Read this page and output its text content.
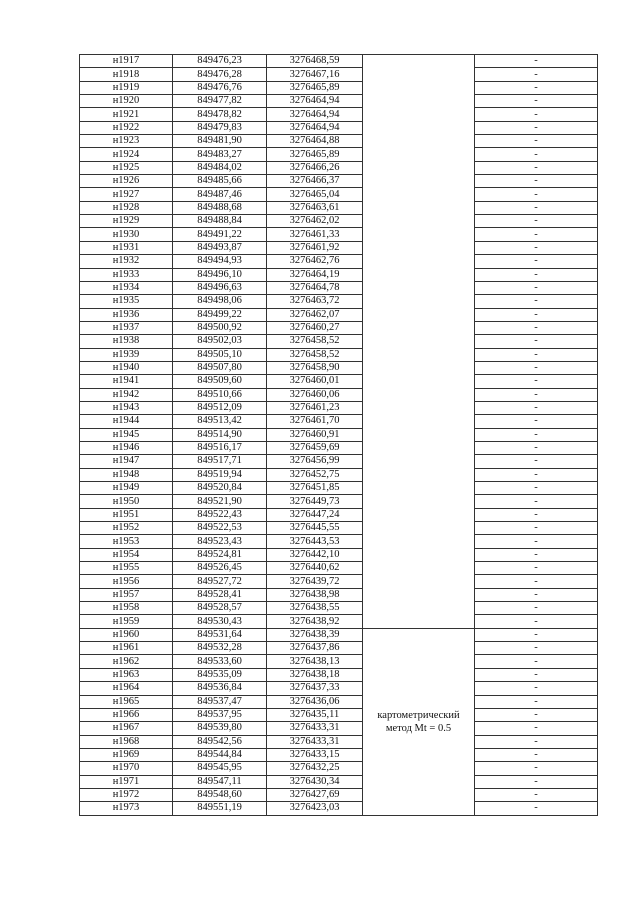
н1917	849476,23	3276468,59		-
н1918	849476,28	3276467,16		-
н1919	849476,76	3276465,89		-
н1920	849477,82	3276464,94		-
н1921	849478,82	3276464,94		-
н1922	849479,83	3276464,94		-
н1923	849481,90	3276464,88		-
н1924	849483,27	3276465,89		-
н1925	849484,02	3276466,26		-
н1926	849485,66	3276466,37		-
н1927	849487,46	3276465,04		-
н1928	849488,68	3276463,61		-
н1929	849488,84	3276462,02		-
н1930	849491,22	3276461,33		-
н1931	849493,87	3276461,92		-
н1932	849494,93	3276462,76		-
н1933	849496,10	3276464,19		-
н1934	849496,63	3276464,78		-
н1935	849498,06	3276463,72		-
н1936	849499,22	3276462,07		-
н1937	849500,92	3276460,27		-
н1938	849502,03	3276458,52		-
н1939	849505,10	3276458,52		-
н1940	849507,80	3276458,90		-
н1941	849509,60	3276460,01		-
н1942	849510,66	3276460,06		-
н1943	849512,09	3276461,23		-
н1944	849513,42	3276461,70		-
н1945	849514,90	3276460,91		-
н1946	849516,17	3276459,69		-
н1947	849517,71	3276456,99		-
н1948	849519,94	3276452,75		-
н1949	849520,84	3276451,85		-
н1950	849521,90	3276449,73		-
н1951	849522,43	3276447,24		-
н1952	849522,53	3276445,55		-
н1953	849523,43	3276443,53		-
н1954	849524,81	3276442,10		-
н1955	849526,45	3276440,62		-
н1956	849527,72	3276439,72		-
н1957	849528,41	3276438,98		-
н1958	849528,57	3276438,55		-
н1959	849530,43	3276438,92		-
н1960	849531,64	3276438,39	картометрический
метод Mt = 0.5	-
н1961	849532,28	3276437,86		-
н1962	849533,60	3276438,13		-
н1963	849535,09	3276438,18		-
н1964	849536,84	3276437,33		-
н1965	849537,47	3276436,06		-
н1966	849537,95	3276435,11		-
н1967	849539,80	3276433,31		-
н1968	849542,56	3276433,31		-
н1969	849544,84	3276433,15		-
н1970	849545,95	3276432,25		-
н1971	849547,11	3276430,34		-
н1972	849548,60	3276427,69		-
н1973	849551,19	3276423,03		-
